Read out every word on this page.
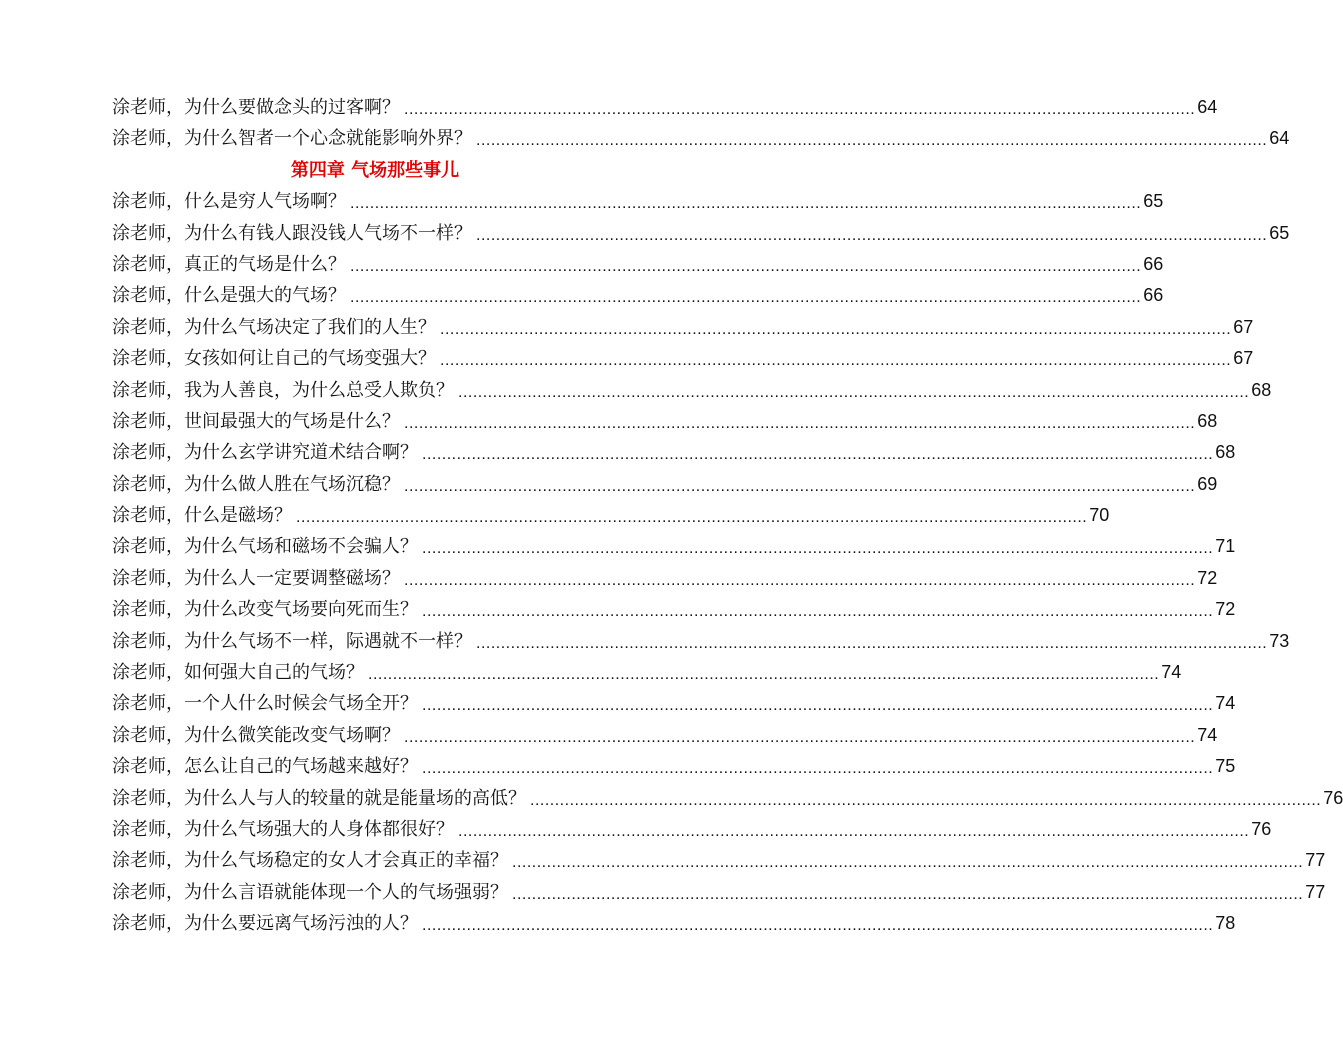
涂老师，为什么要做念头的过客啊？ ................................................................................................................................................................ 64
涂老师，为什么智者一个心念就能影响外界？ ................................................................................................................................................................ 64
第四章 气场那些事儿
涂老师，什么是穷人气场啊？ ................................................................................................................................................................ 65
涂老师，为什么有钱人跟没钱人气场不一样？ ................................................................................................................................................................ 65
涂老师，真正的气场是什么？ ................................................................................................................................................................ 66
涂老师，什么是强大的气场？ ................................................................................................................................................................ 66
涂老师，为什么气场决定了我们的人生？ ................................................................................................................................................................ 67
涂老师，女孩如何让自己的气场变强大？ ................................................................................................................................................................ 67
涂老师，我为人善良，为什么总受人欺负？ ................................................................................................................................................................ 68
涂老师，世间最强大的气场是什么？ ................................................................................................................................................................ 68
涂老师，为什么玄学讲究道术结合啊？ ................................................................................................................................................................ 68
涂老师，为什么做人胜在气场沉稳？ ................................................................................................................................................................ 69
涂老师，什么是磁场？ ................................................................................................................................................................ 70
涂老师，为什么气场和磁场不会骗人？ ................................................................................................................................................................ 71
涂老师，为什么人一定要调整磁场？ ................................................................................................................................................................ 72
涂老师，为什么改变气场要向死而生？ ................................................................................................................................................................ 72
涂老师，为什么气场不一样，际遇就不一样？ ................................................................................................................................................................ 73
涂老师，如何强大自己的气场？ ................................................................................................................................................................ 74
涂老师，一个人什么时候会气场全开？ ................................................................................................................................................................ 74
涂老师，为什么微笑能改变气场啊？ ................................................................................................................................................................ 74
涂老师，怎么让自己的气场越来越好？ ................................................................................................................................................................ 75
涂老师，为什么人与人的较量的就是能量场的高低？ ................................................................................................................................................................ 76
涂老师，为什么气场强大的人身体都很好？ ................................................................................................................................................................ 76
涂老师，为什么气场稳定的女人才会真正的幸福？ ................................................................................................................................................................ 77
涂老师，为什么言语就能体现一个人的气场强弱？ ................................................................................................................................................................ 77
涂老师，为什么要远离气场污浊的人？ ................................................................................................................................................................ 78
